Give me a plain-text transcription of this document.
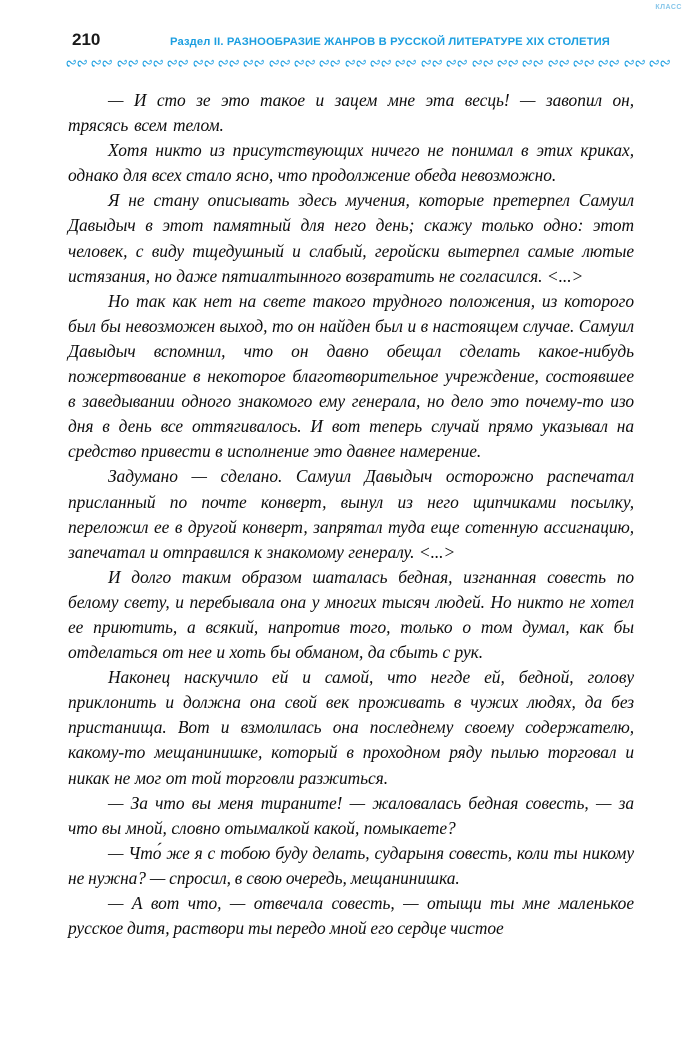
КЛАСС
210	Раздел II. РАЗНООБРАЗИЕ ЖАНРОВ В РУССКОЙ ЛИТЕРАТУРЕ XIX СТОЛЕТИЯ

— И сто зе это такое и зацем мне эта весць! — завопил он, трясясь всем телом.

Хотя никто из присутствующих ничего не понимал в этих криках, однако для всех стало ясно, что продолжение обеда невозможно.

Я не стану описывать здесь мучения, которые претерпел Самуил Давыдыч в этот памятный для него день; скажу только одно: этот человек, с виду тщедушный и слабый, геройски вытерпел самые лютые истязания, но даже пятиалтынного возвратить не согласился. <...>

Но так как нет на свете такого трудного положения, из которого был бы невозможен выход, то он найден был и в настоящем случае. Самуил Давыдыч вспомнил, что он давно обещал сделать какое-нибудь пожертвование в некоторое благотворительное учреждение, состоявшее в заведывании одного знакомого ему генерала, но дело это почему-то изо дня в день все оттягивалось. И вот теперь случай прямо указывал на средство привести в исполнение это давнее намерение.

Задумано — сделано. Самуил Давыдыч осторожно распечатал присланный по почте конверт, вынул из него щипчиками посылку, переложил ее в другой конверт, запрятал туда еще сотенную ассигнацию, запечатал и отправился к знакомому генералу. <...>

И долго таким образом шаталась бедная, изгнанная совесть по белому свету, и перебывала она у многих тысяч людей. Но никто не хотел ее приютить, а всякий, напротив того, только о том думал, как бы отделаться от нее и хоть бы обманом, да сбыть с рук.

Наконец наскучило ей и самой, что негде ей, бедной, голову приклонить и должна она свой век проживать в чужих людях, да без пристанища. Вот и взмолилась она последнему своему содержателю, какому-то мещанинишке, который в проходном ряду пылью торговал и никак не мог от той торговли разжиться.

— За что вы меня тираните! — жаловалась бедная совесть, — за что вы мной, словно отымалкой какой, помыкаете?

— Что́ же я с тобою буду делать, сударыня совесть, коли ты никому не нужна? — спросил, в свою очередь, мещанинишка.

— А вот что, — отвечала совесть, — отыщи ты мне маленькое русское дитя, раствори ты передо мной его сердце чистое
